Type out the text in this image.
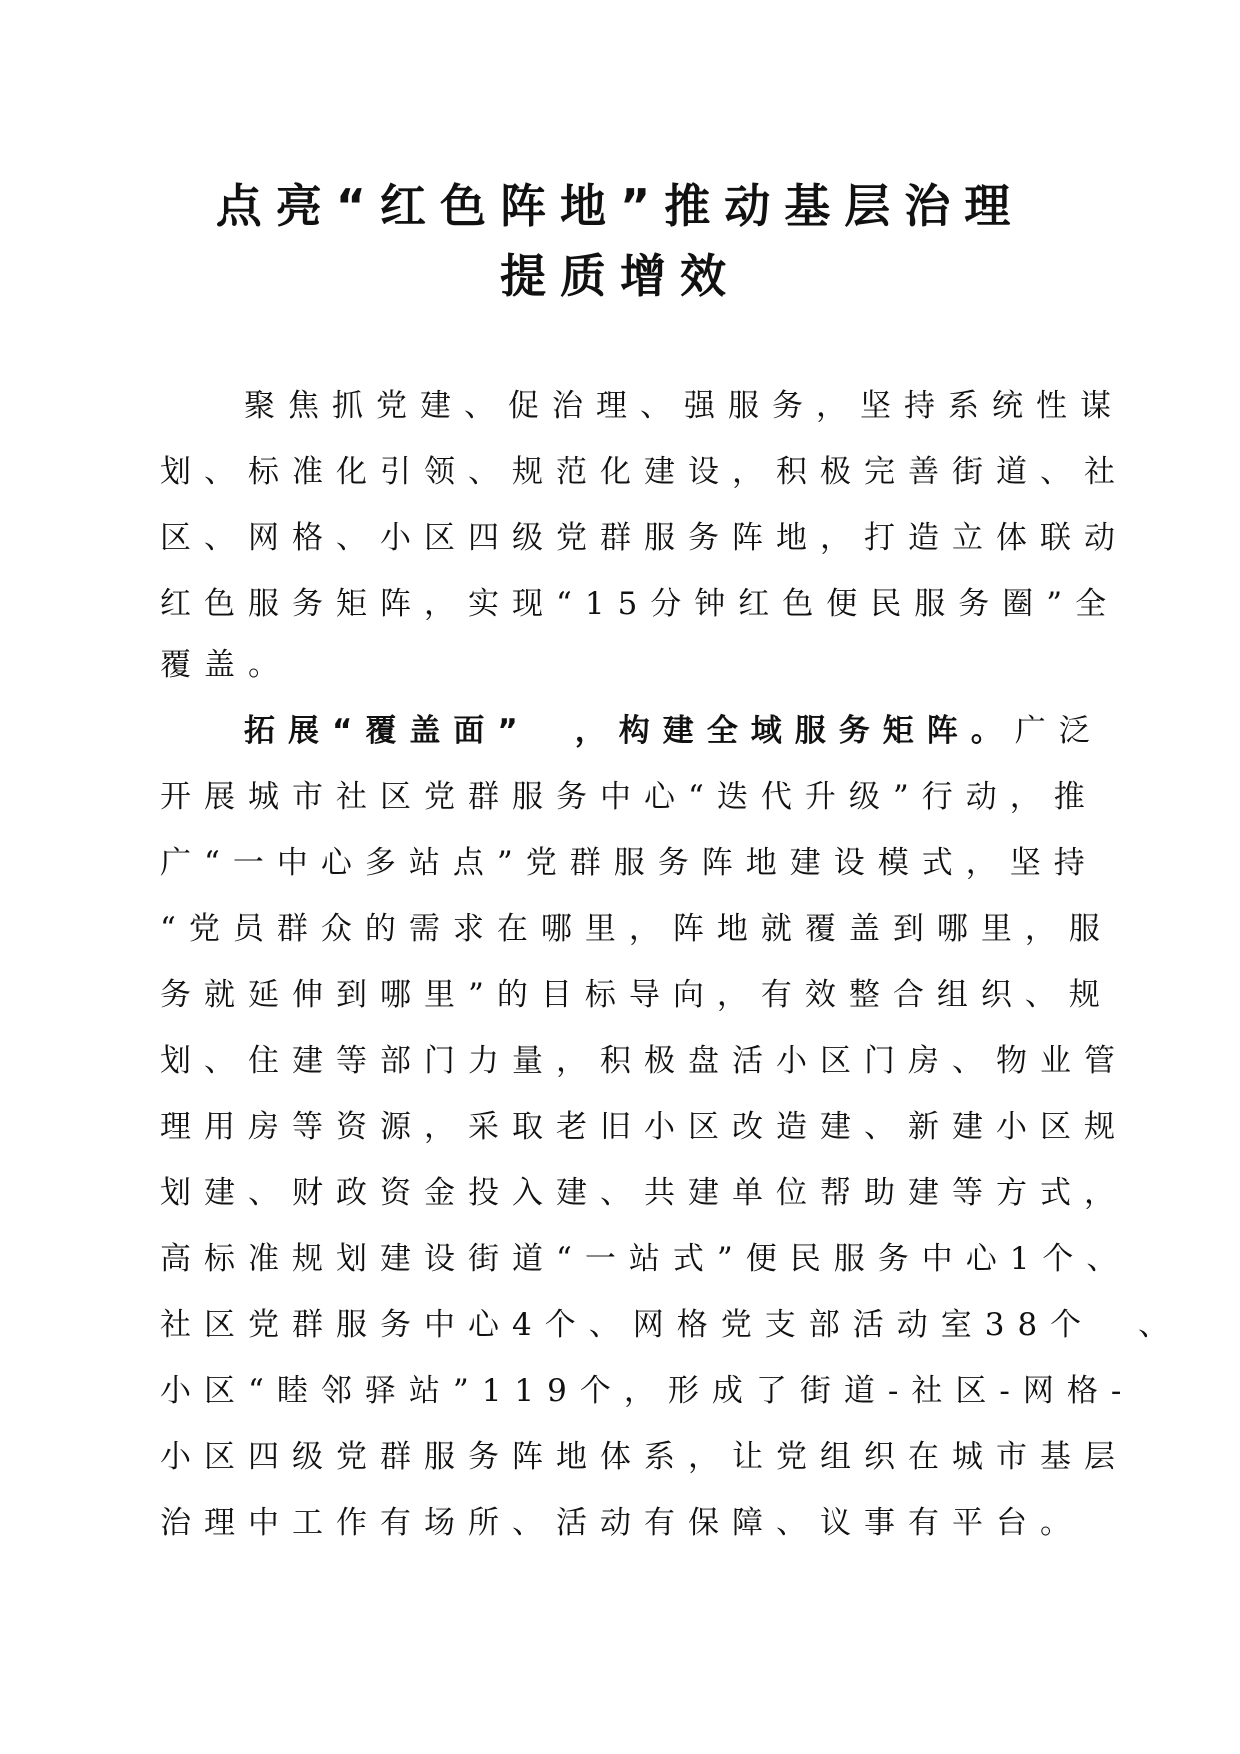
点亮“红色阵地”推动基层治理
提质增效

聚焦抓党建、促治理、强服务，坚持系统性谋

划、标准化引领、规范化建设，积极完善街道、社

区、网格、小区四级党群服务阵地，打造立体联动

红色服务矩阵，实现“15分钟红色便民服务圈”全

覆盖。

拓展“覆盖面”　，构建全域服务矩阵。广泛

开展城市社区党群服务中心“迭代升级”行动，推

广“一中心多站点”党群服务阵地建设模式，坚持

“党员群众的需求在哪里，阵地就覆盖到哪里，服

务就延伸到哪里”的目标导向，有效整合组织、规

划、住建等部门力量，积极盘活小区门房、物业管

理用房等资源，采取老旧小区改造建、新建小区规

划建、财政资金投入建、共建单位帮助建等方式，

高标准规划建设街道“一站式”便民服务中心1个、

社区党群服务中心4个、网格党支部活动室38个　、

小区“睦邻驿站”119个，形成了街道-社区-网格-

小区四级党群服务阵地体系，让党组织在城市基层

治理中工作有场所、活动有保障、议事有平台。
